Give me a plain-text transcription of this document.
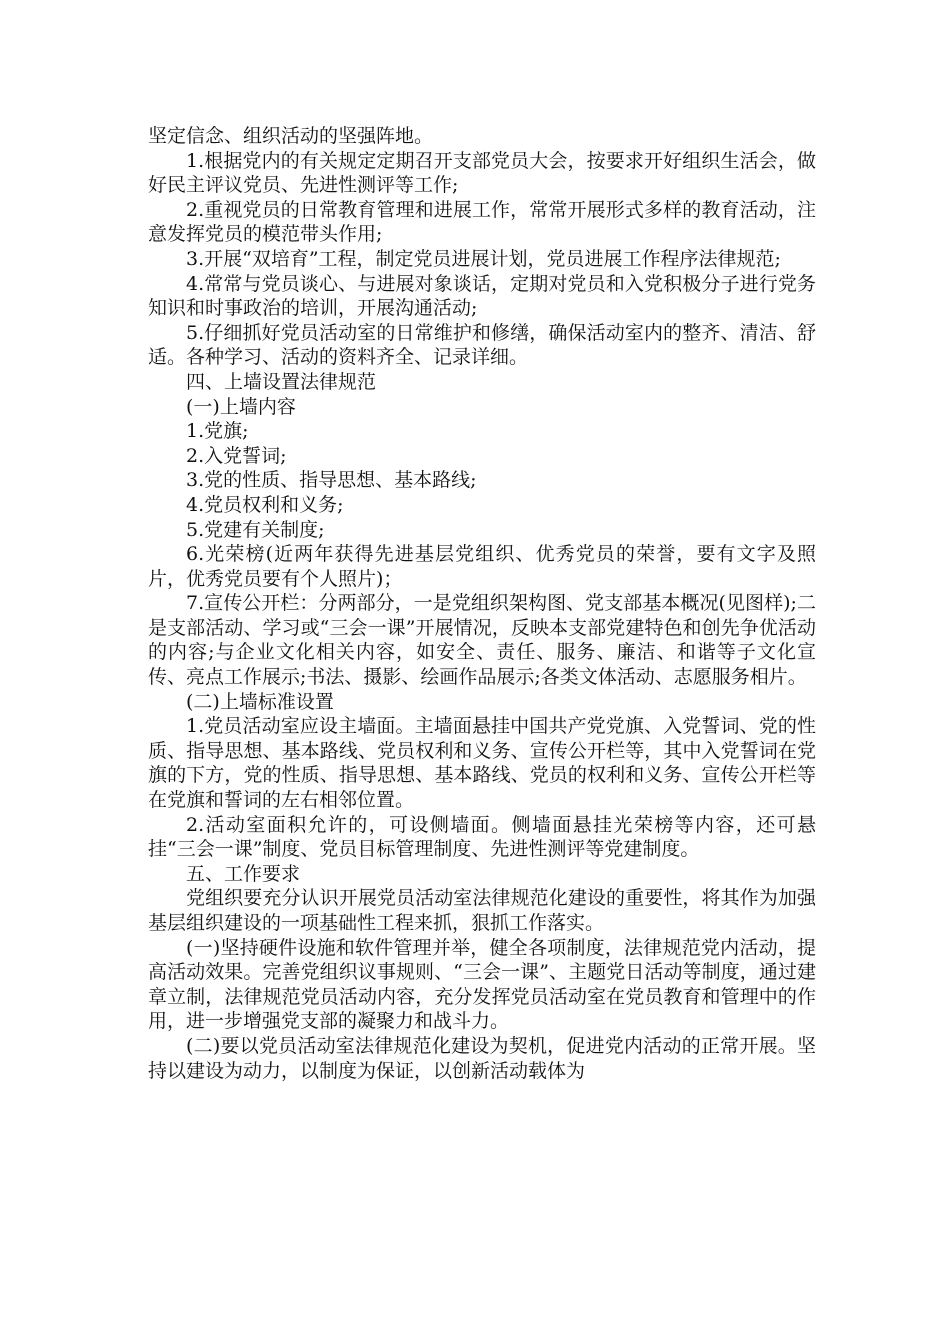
坚定信念、组织活动的坚强阵地。

1.根据党内的有关规定定期召开支部党员大会，按要求开好组织生活会，做好民主评议党员、先进性测评等工作;

2.重视党员的日常教育管理和进展工作，常常开展形式多样的教育活动，注意发挥党员的模范带头作用;

3.开展“双培育”工程，制定党员进展计划，党员进展工作程序法律规范;

4.常常与党员谈心、与进展对象谈话，定期对党员和入党积极分子进行党务知识和时事政治的培训，开展沟通活动;

5.仔细抓好党员活动室的日常维护和修缮，确保活动室内的整齐、清洁、舒适。各种学习、活动的资料齐全、记录详细。

四、上墙设置法律规范

(一)上墙内容

1.党旗;

2.入党誓词;

3.党的性质、指导思想、基本路线;

4.党员权利和义务;

5.党建有关制度;

6.光荣榜(近两年获得先进基层党组织、优秀党员的荣誉，要有文字及照片，优秀党员要有个人照片)；

7.宣传公开栏：分两部分，一是党组织架构图、党支部基本概况(见图样);二是支部活动、学习或“三会一课”开展情况，反映本支部党建特色和创先争优活动的内容;与企业文化相关内容，如安全、责任、服务、廉洁、和谐等子文化宣传、亮点工作展示;书法、摄影、绘画作品展示;各类文体活动、志愿服务相片。

(二)上墙标准设置

1.党员活动室应设主墙面。主墙面悬挂中国共产党党旗、入党誓词、党的性质、指导思想、基本路线、党员权利和义务、宣传公开栏等，其中入党誓词在党旗的下方，党的性质、指导思想、基本路线、党员的权利和义务、宣传公开栏等在党旗和誓词的左右相邻位置。

2.活动室面积允许的，可设侧墙面。侧墙面悬挂光荣榜等内容，还可悬挂“三会一课”制度、党员目标管理制度、先进性测评等党建制度。

五、工作要求

党组织要充分认识开展党员活动室法律规范化建设的重要性，将其作为加强基层组织建设的一项基础性工程来抓，狠抓工作落实。

(一)坚持硬件设施和软件管理并举，健全各项制度，法律规范党内活动，提高活动效果。完善党组织议事规则、“三会一课”、主题党日活动等制度，通过建章立制，法律规范党员活动内容，充分发挥党员活动室在党员教育和管理中的作用，进一步增强党支部的凝聚力和战斗力。

(二)要以党员活动室法律规范化建设为契机，促进党内活动的正常开展。坚持以建设为动力，以制度为保证，以创新活动载体为
